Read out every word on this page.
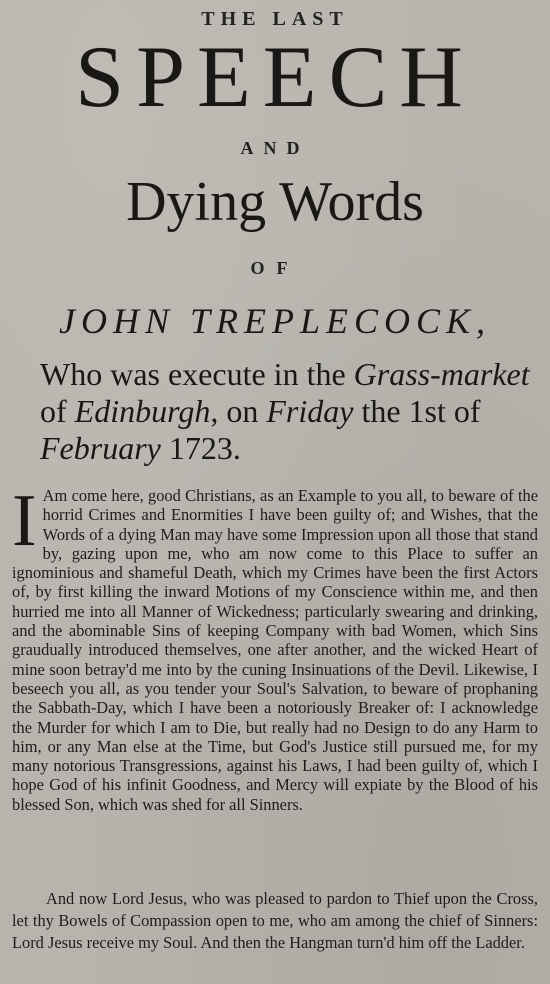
THE LAST
SPEECH
AND
Dying Words
OF
JOHN TREPLECOCK,
Who was execute in the Grass-market of Edinburgh, on Friday the 1st of February 1723.
I Am come here, good Christians, as an Example to you all, to beware of the horrid Crimes and Enormities I have been guilty of; and Wishes, that the Words of a dying Man may have some Impression upon all those that stand by, gazing upon me, who am now come to this Place to suffer an ignominious and shameful Death, which my Crimes have been the first Actors of, by first killing the inward Motions of my Conscience within me, and then hurried me into all Manner of Wickedness; particularly swearing and drinking, and the abominable Sins of keeping Company with bad Women, which Sins graudually introduced themselves, one after another, and the wicked Heart of mine soon betray'd me into by the cuning Insinuations of the Devil. Likewise, I beseech you all, as you tender your Soul's Salvation, to beware of prophaning the Sabbath-Day, which I have been a notoriously Breaker of: I acknowledge the Murder for which I am to Die, but really had no Design to do any Harm to him, or any Man else at the Time, but God's Justice still pursued me, for my many notorious Transgressions, against his Laws, I had been guilty of, which I hope God of his infinit Goodness, and Mercy will expiate by the Blood of his blessed Son, which was shed for all Sinners.
And now Lord Jesus, who was pleased to pardon to Thief upon the Cross, let thy Bowels of Compassion open to me, who am among the chief of Sinners: Lord Jesus receive my Soul. And then the Hangman turn'd him off the Ladder.
